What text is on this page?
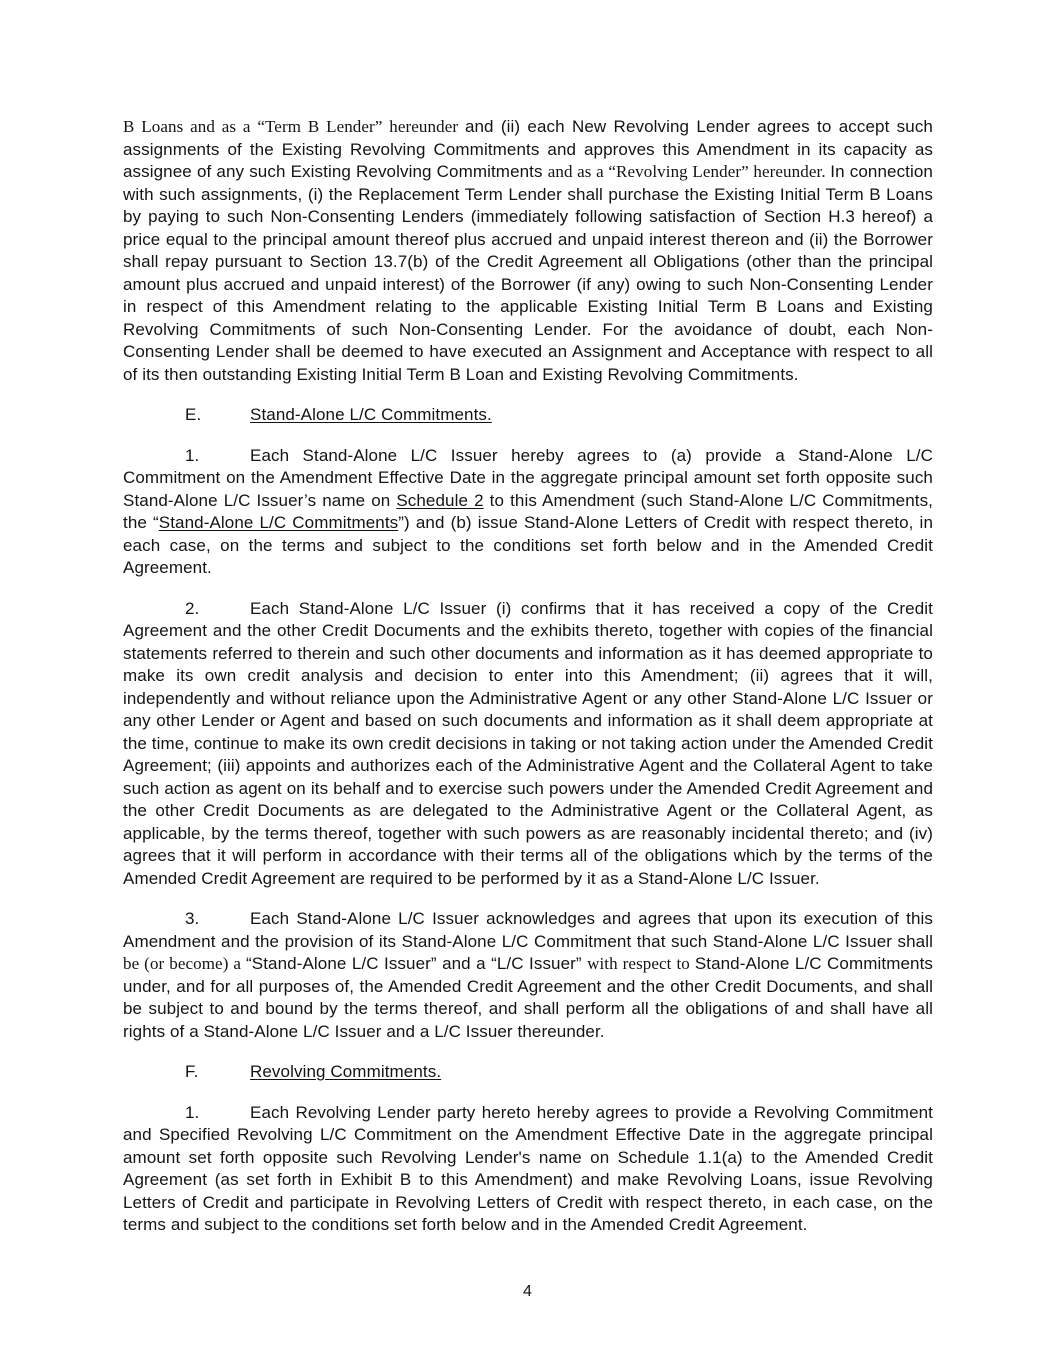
B Loans and as a “Term B Lender” hereunder and (ii) each New Revolving Lender agrees to accept such assignments of the Existing Revolving Commitments and approves this Amendment in its capacity as assignee of any such Existing Revolving Commitments and as a “Revolving Lender” hereunder. In connection with such assignments, (i) the Replacement Term Lender shall purchase the Existing Initial Term B Loans by paying to such Non-Consenting Lenders (immediately following satisfaction of Section H.3 hereof) a price equal to the principal amount thereof plus accrued and unpaid interest thereon and (ii) the Borrower shall repay pursuant to Section 13.7(b) of the Credit Agreement all Obligations (other than the principal amount plus accrued and unpaid interest) of the Borrower (if any) owing to such Non-Consenting Lender in respect of this Amendment relating to the applicable Existing Initial Term B Loans and Existing Revolving Commitments of such Non-Consenting Lender. For the avoidance of doubt, each Non-Consenting Lender shall be deemed to have executed an Assignment and Acceptance with respect to all of its then outstanding Existing Initial Term B Loan and Existing Revolving Commitments.

E.	Stand-Alone L/C Commitments.

1.	Each Stand-Alone L/C Issuer hereby agrees to (a) provide a Stand-Alone L/C Commitment on the Amendment Effective Date in the aggregate principal amount set forth opposite such Stand-Alone L/C Issuer’s name on Schedule 2 to this Amendment (such Stand-Alone L/C Commitments, the “Stand-Alone L/C Commitments”) and (b) issue Stand-Alone Letters of Credit with respect thereto, in each case, on the terms and subject to the conditions set forth below and in the Amended Credit Agreement.

2.	Each Stand-Alone L/C Issuer (i) confirms that it has received a copy of the Credit Agreement and the other Credit Documents and the exhibits thereto, together with copies of the financial statements referred to therein and such other documents and information as it has deemed appropriate to make its own credit analysis and decision to enter into this Amendment; (ii) agrees that it will, independently and without reliance upon the Administrative Agent or any other Stand-Alone L/C Issuer or any other Lender or Agent and based on such documents and information as it shall deem appropriate at the time, continue to make its own credit decisions in taking or not taking action under the Amended Credit Agreement; (iii) appoints and authorizes each of the Administrative Agent and the Collateral Agent to take such action as agent on its behalf and to exercise such powers under the Amended Credit Agreement and the other Credit Documents as are delegated to the Administrative Agent or the Collateral Agent, as applicable, by the terms thereof, together with such powers as are reasonably incidental thereto; and (iv) agrees that it will perform in accordance with their terms all of the obligations which by the terms of the Amended Credit Agreement are required to be performed by it as a Stand-Alone L/C Issuer.

3.	Each Stand-Alone L/C Issuer acknowledges and agrees that upon its execution of this Amendment and the provision of its Stand-Alone L/C Commitment that such Stand-Alone L/C Issuer shall be (or become) a “Stand-Alone L/C Issuer” and a “L/C Issuer” with respect to Stand-Alone L/C Commitments under, and for all purposes of, the Amended Credit Agreement and the other Credit Documents, and shall be subject to and bound by the terms thereof, and shall perform all the obligations of and shall have all rights of a Stand-Alone L/C Issuer and a L/C Issuer thereunder.

F.	Revolving Commitments.

1.	Each Revolving Lender party hereto hereby agrees to provide a Revolving Commitment and Specified Revolving L/C Commitment on the Amendment Effective Date in the aggregate principal amount set forth opposite such Revolving Lender's name on Schedule 1.1(a) to the Amended Credit Agreement (as set forth in Exhibit B to this Amendment) and make Revolving Loans, issue Revolving Letters of Credit and participate in Revolving Letters of Credit with respect thereto, in each case, on the terms and subject to the conditions set forth below and in the Amended Credit Agreement.

4
